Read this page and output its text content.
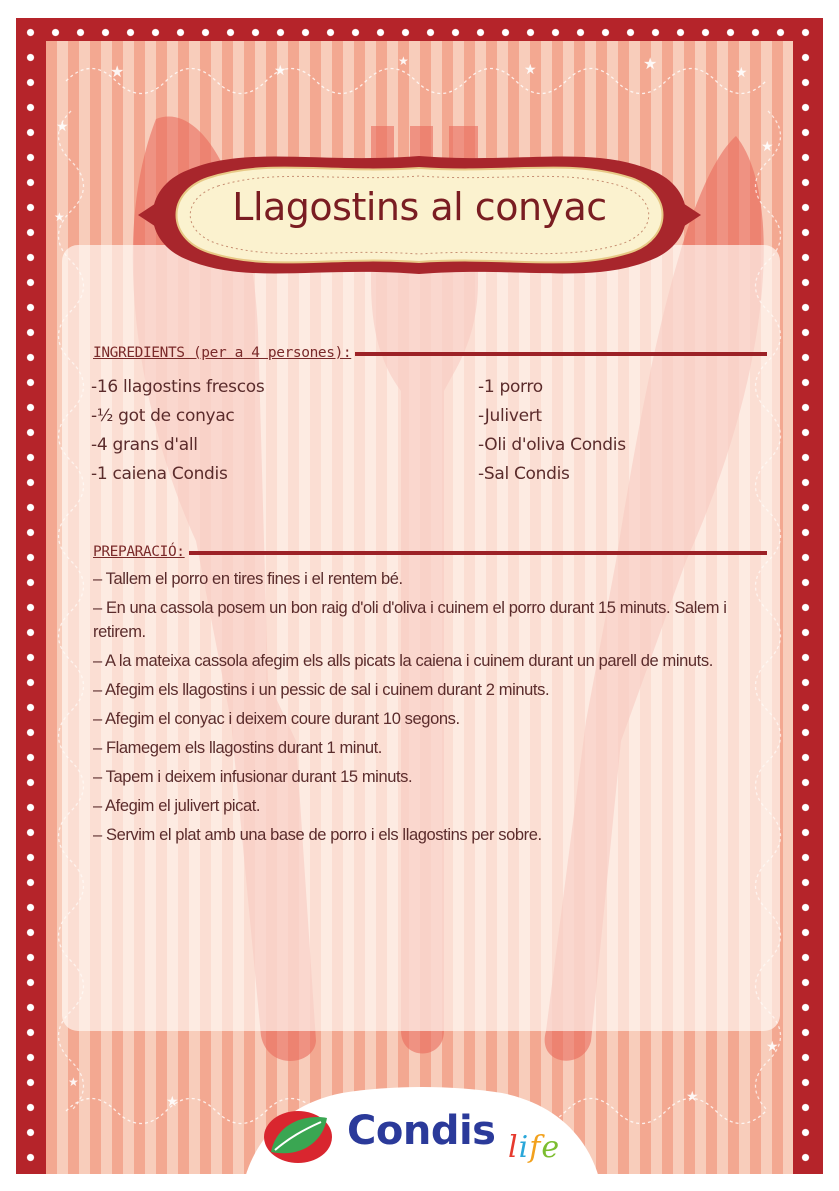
★	★
★
★	★	★
★
★
★
★
★	★
★
Llagostins al conyac
INGREDIENTS (per a 4 persones):
-16 llagostins frescos
-½ got de conyac
-4 grans d'all
-1 caiena Condis
-1 porro
-Julivert
-Oli d'oliva Condis
-Sal Condis
PREPARACIÓ:
– Tallem el porro en tires fines i el rentem bé.
– En una cassola posem un bon raig d'oli d'oliva i cuinem el porro durant 15 minuts. Salem i retirem.
– A la mateixa cassola afegim els alls picats la caiena i cuinem durant un parell de minuts.
– Afegim els llagostins i un pessic de sal i cuinem durant 2 minuts.
– Afegim el conyac i deixem coure durant 10 segons.
– Flamegem els llagostins durant 1 minut.
– Tapem i deixem infusionar durant 15 minuts.
– Afegim el julivert picat.
– Servim el plat amb una base de porro i els llagostins per sobre.
Condis life
